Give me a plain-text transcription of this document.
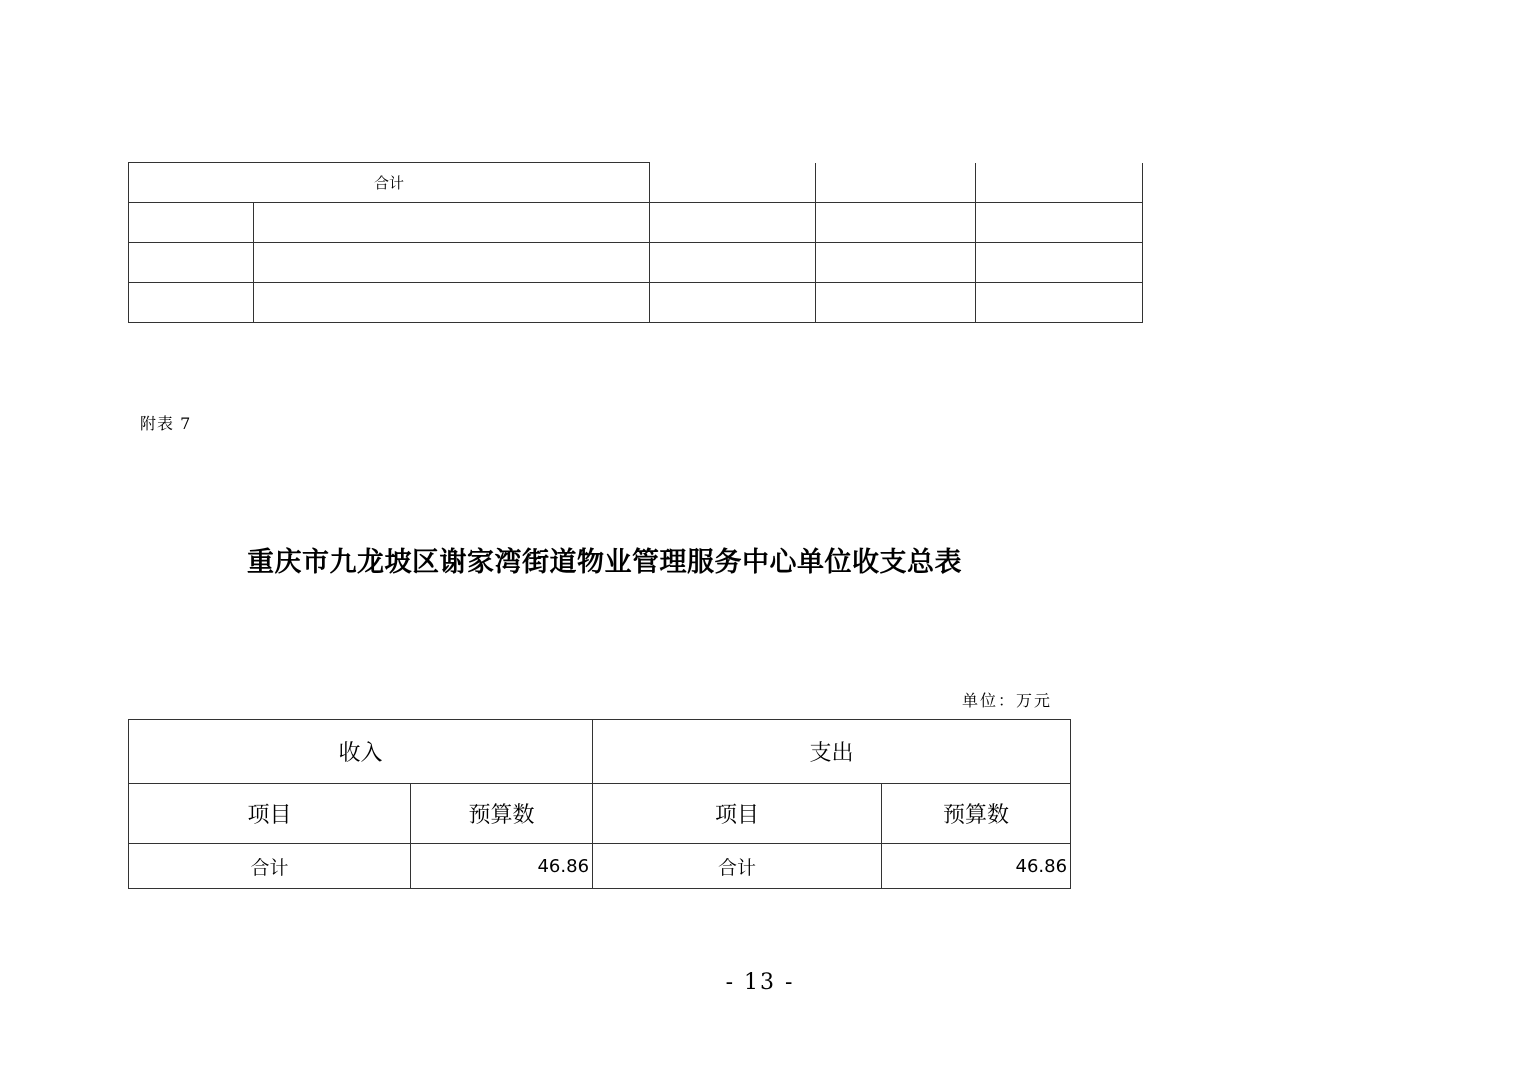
合计				

附表 7
重庆市九龙坡区谢家湾街道物业管理服务中心单位收支总表
单位：万元
收入		支出	
项目	预算数	项目	预算数
合计	46.86	合计	46.86
- 13 -
